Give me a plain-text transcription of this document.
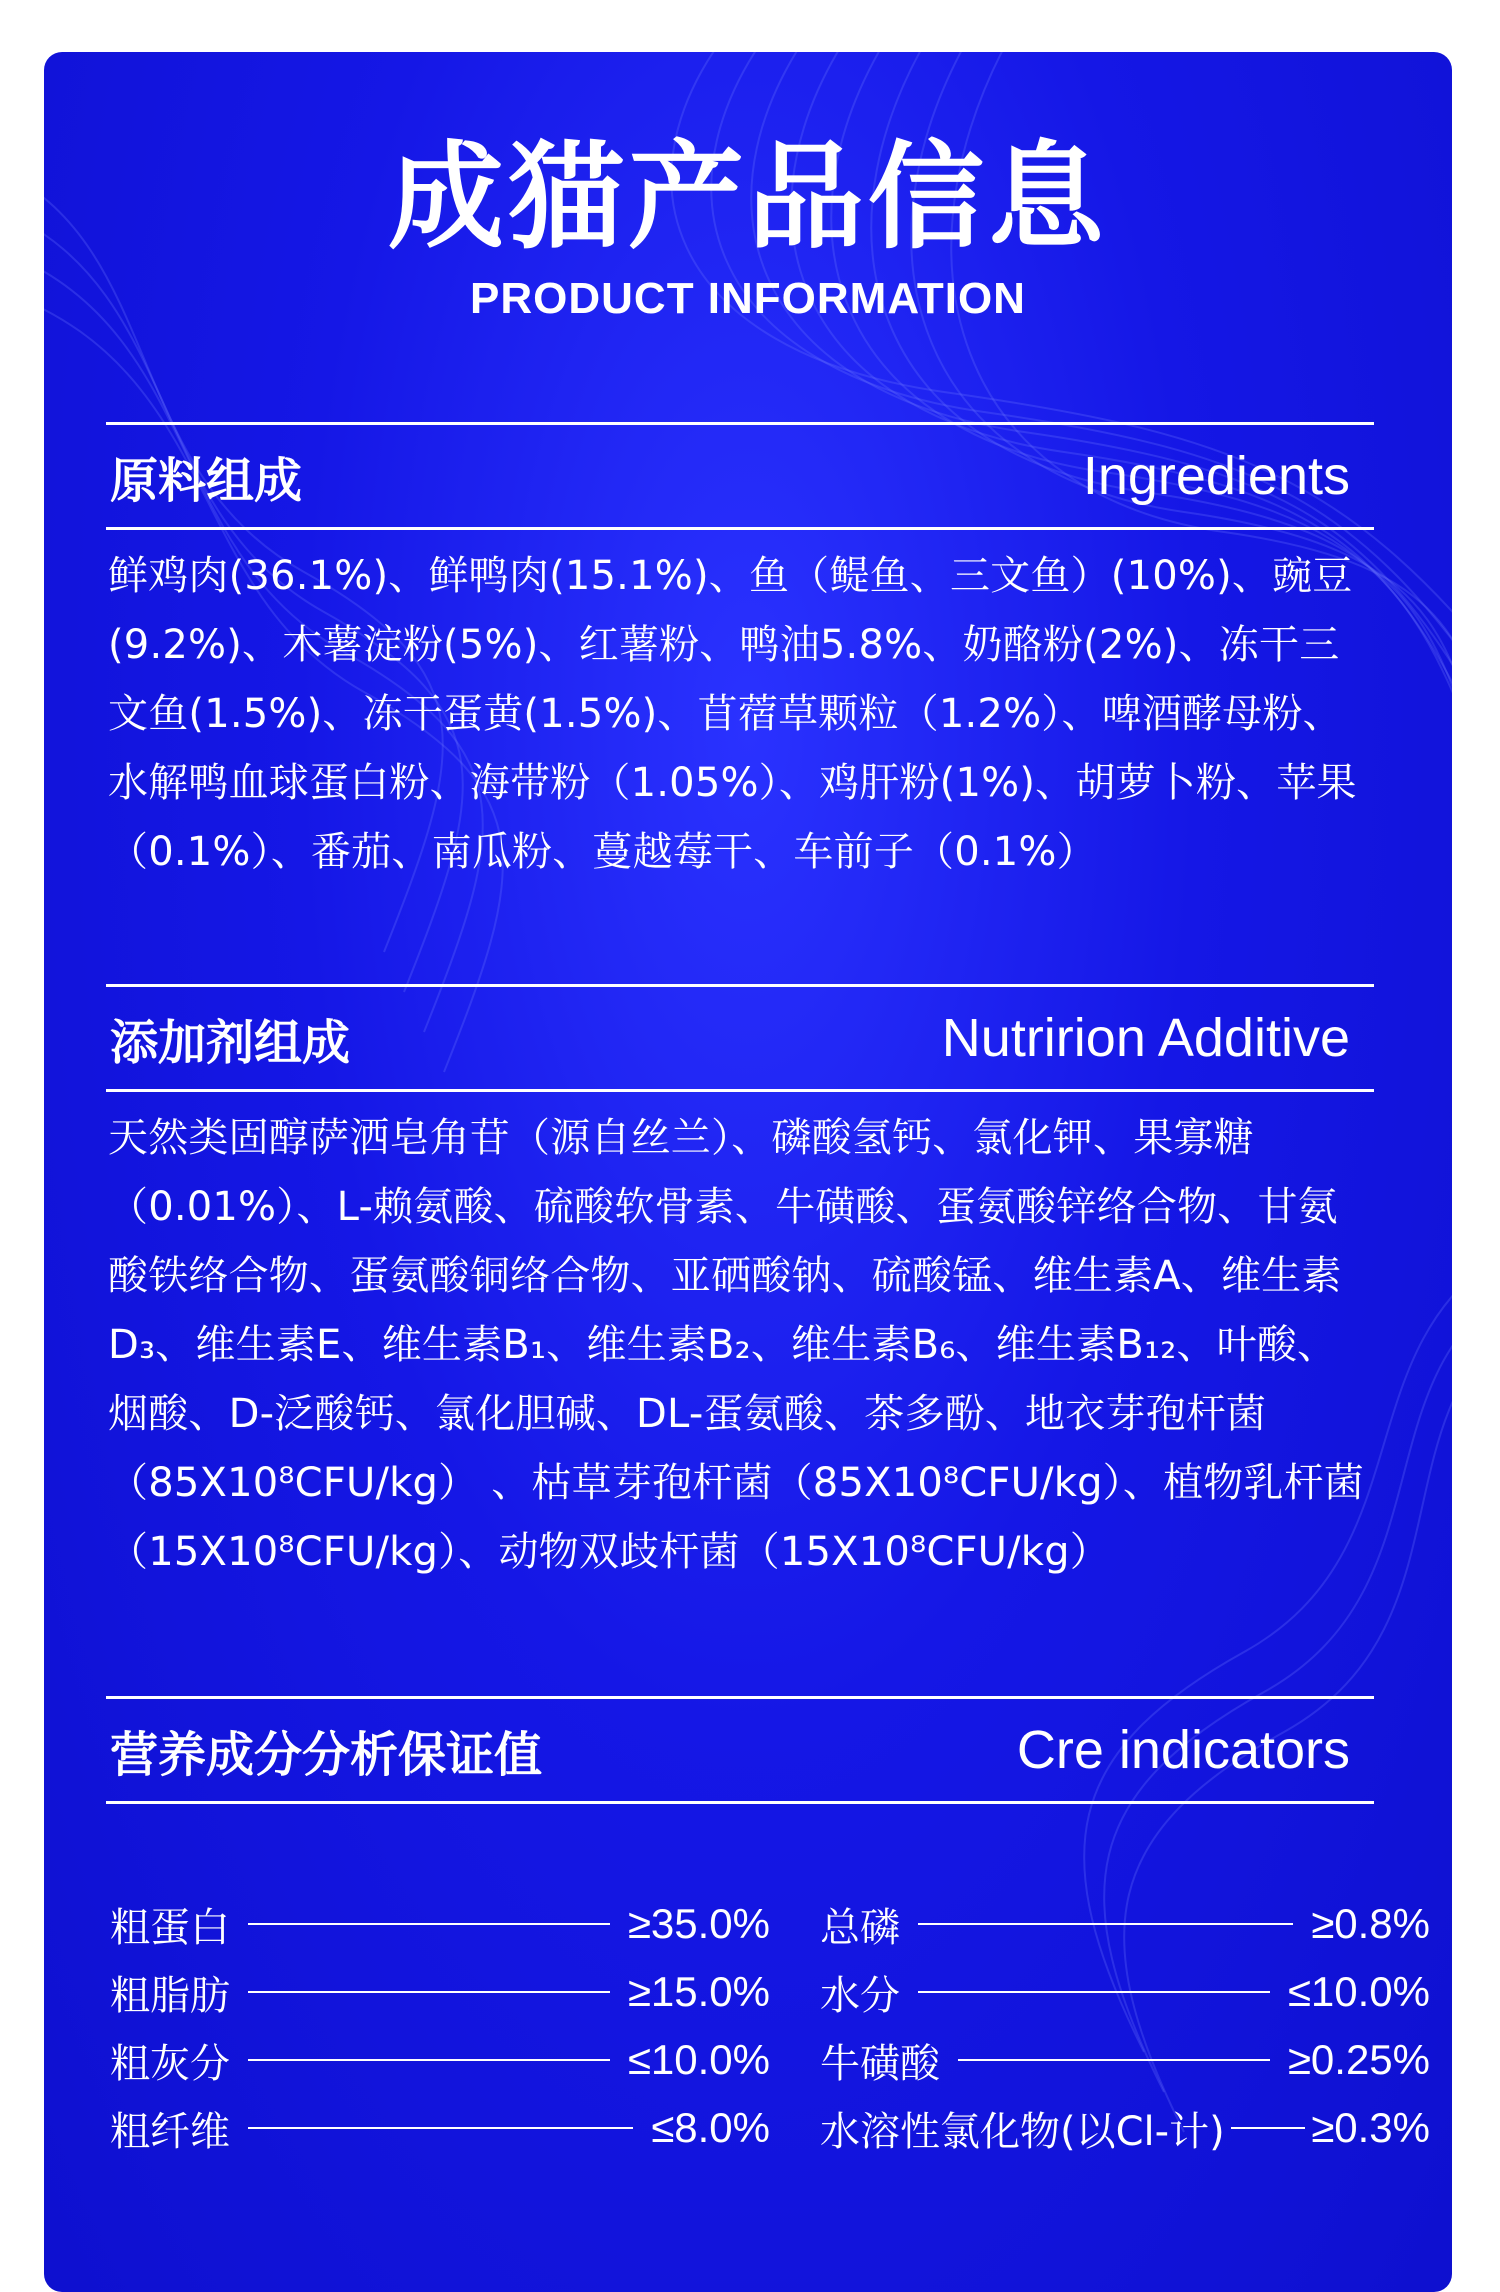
成猫产品信息
PRODUCT INFORMATION
原料组成	Ingredients
鲜鸡肉(36.1%)、鲜鸭肉(15.1%)、鱼（鳀鱼、三文鱼）(10%)、豌豆(9.2%)、木薯淀粉(5%)、红薯粉、鸭油5.8%、奶酪粉(2%)、冻干三文鱼(1.5%)、冻干蛋黄(1.5%)、苜蓿草颗粒（1.2%）、啤酒酵母粉、水解鸭血球蛋白粉、海带粉（1.05%）、鸡肝粉(1%)、胡萝卜粉、苹果（0.1%）、番茄、南瓜粉、蔓越莓干、车前子（0.1%）
添加剂组成	Nutririon Additive
天然类固醇萨洒皂角苷（源自丝兰）、磷酸氢钙、氯化钾、果寡糖（0.01%）、L-赖氨酸、硫酸软骨素、牛磺酸、蛋氨酸锌络合物、甘氨酸铁络合物、蛋氨酸铜络合物、亚硒酸钠、硫酸锰、维生素A、维生素D₃、维生素E、维生素B₁、维生素B₂、维生素B₆、维生素B₁₂、叶酸、烟酸、D-泛酸钙、氯化胆碱、DL-蛋氨酸、茶多酚、地衣芽孢杆菌（85X10⁸CFU/kg） 、枯草芽孢杆菌（85X10⁸CFU/kg）、植物乳杆菌（15X10⁸CFU/kg）、动物双歧杆菌（15X10⁸CFU/kg）
营养成分分析保证值	Cre indicators
粗蛋白	≥35.0%
粗脂肪	≥15.0%
粗灰分	≤10.0%
粗纤维	≤8.0%
总磷	≥0.8%
水分	≤10.0%
牛磺酸	≥0.25%
水溶性氯化物(以Cl-计) ≥0.3%
